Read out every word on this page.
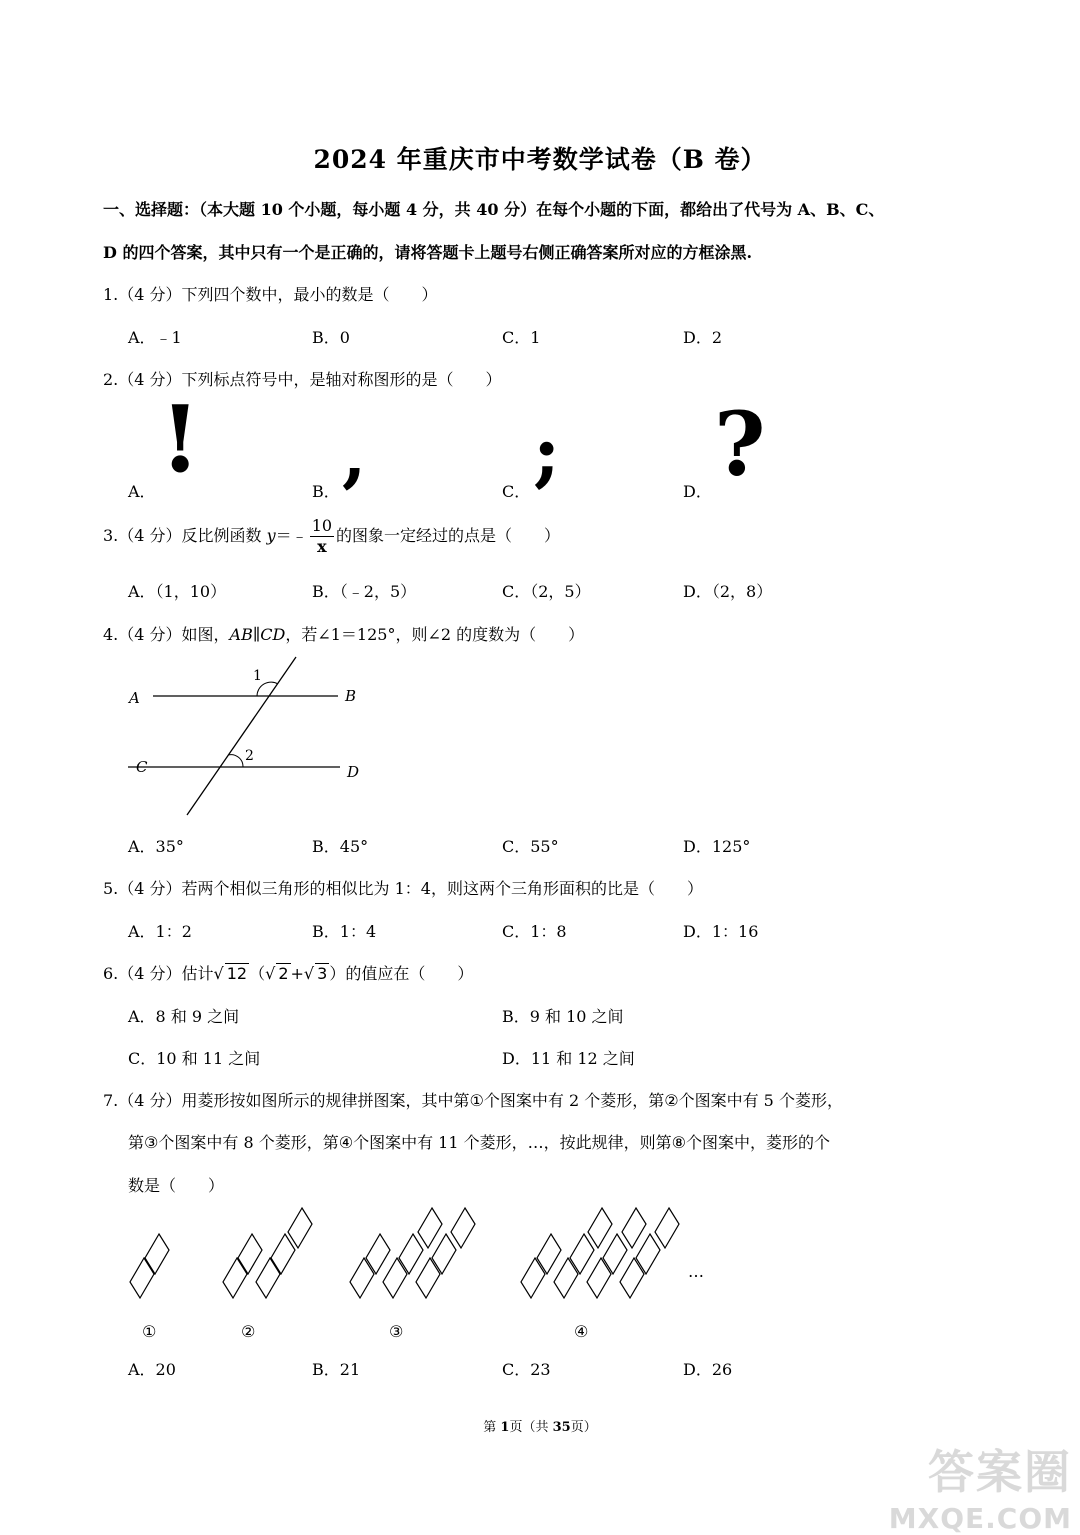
2024 年重庆市中考数学试卷（B 卷）
一、选择题：（本大题 10 个小题，每小题 4 分，共 40 分）在每个小题的下面，都给出了代号为 A、B、C、
D 的四个答案，其中只有一个是正确的，请将答题卡上题号右侧正确答案所对应的方框涂黑.
1.（4 分）下列四个数中，最小的数是（　　）
A．﹣1	B．0	C．1	D．2
2.（4 分）下列标点符号中，是轴对称图形的是（　　）
A． !	B． ,	C． ;	D． ?
3.（4 分）反比例函数 y＝﹣ $\frac{10}{x}$ 的图象一定经过的点是（　　）
A．（1，10）	B．（﹣2，5）	C．（2，5）	D．（2，8）
4.（4 分）如图，AB∥CD，若∠1＝125°，则∠2 的度数为（　　）
A	B
C	D
1
2
A．35°	B．45°	C．55°	D．125°
5.（4 分）若两个相似三角形的相似比为 1：4，则这两个三角形面积的比是（　　）
A．1：2	B．1：4	C．1：8	D．1：16
6.（4 分）估计√ 12 （√ 2 +√ 3 ）的值应在（　　）
A．8 和 9 之间	B．9 和 10 之间
C．10 和 11 之间	D．11 和 12 之间
7.（4 分）用菱形按如图所示的规律拼图案，其中第①个图案中有 2 个菱形，第②个图案中有 5 个菱形，
第③个图案中有 8 个菱形，第④个图案中有 11 个菱形，…，按此规律，则第⑧个图案中，菱形的个
数是（　　）
①	②	③	④
…
A．20	B．21	C．23	D．26
第 1页（共 35页）
答案圈
MXQE.COM
